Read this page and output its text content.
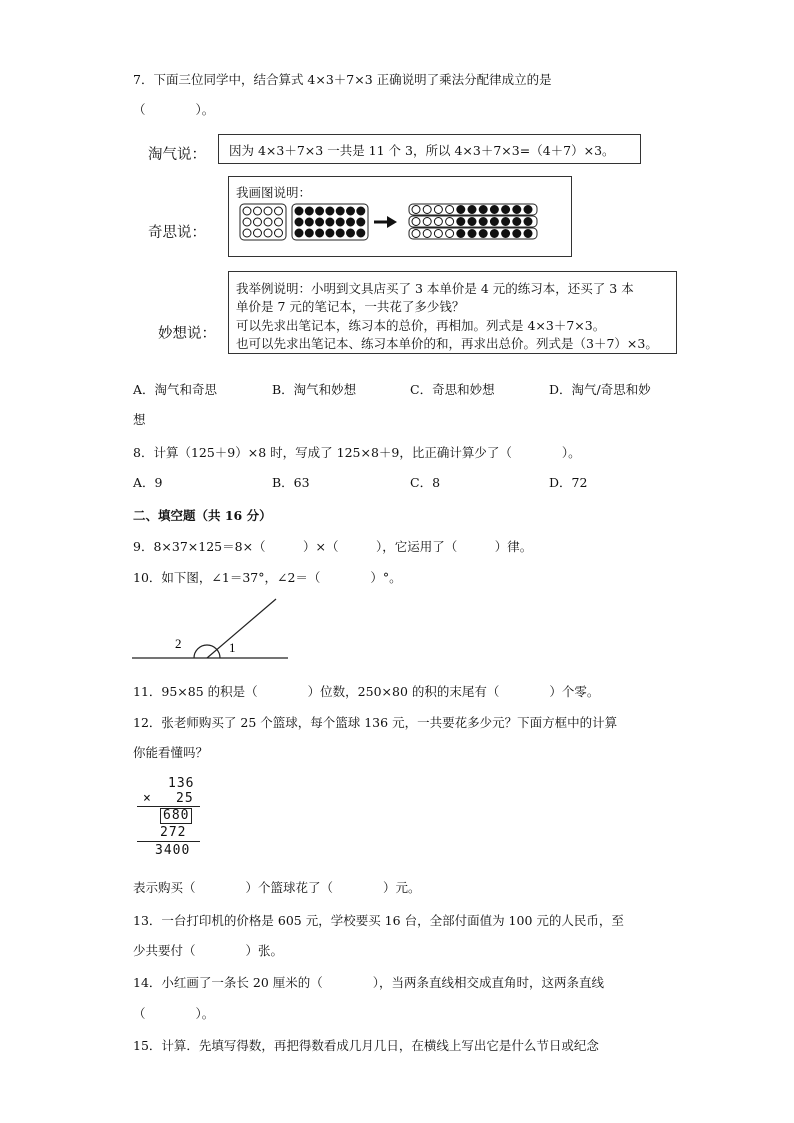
7．下面三位同学中，结合算式 4×3＋7×3 正确说明了乘法分配律成立的是
（　　　　）。
淘气说： 因为 4×3＋7×3 一共是 11 个 3，所以 4×3＋7×3=（4＋7）×3。
奇思说：
我画图说明：
妙想说：
我举例说明：小明到文具店买了 3 本单价是 4 元的练习本，还买了 3 本
单价是 7 元的笔记本，一共花了多少钱？
可以先求出笔记本，练习本的总价，再相加。列式是 4×3＋7×3。
也可以先求出笔记本、练习本单价的和，再求出总价。列式是（3＋7）×3。
A．淘气和奇思	B．淘气和妙想	C．奇思和妙想	D．淘气/奇思和妙
想
8．计算（125＋9）×8 时，写成了 125×8＋9，比正确计算少了（　　　　）。
A．9	B．63	C．8	D．72
二、填空题（共 16 分）
9．8×37×125＝8×（　　　）×（　　　），它运用了（　　　）律。
10．如下图，∠1＝37°，∠2＝（　　　　）°。
2	1
11．95×85 的积是（　　　　）位数，250×80 的积的末尾有（　　　　）个零。
12．张老师购买了 25 个篮球，每个篮球 136 元，一共要花多少元？下面方框中的计算
你能看懂吗？
136
× 25
680
272
3400
表示购买（　　　　）个篮球花了（　　　　）元。
13．一台打印机的价格是 605 元，学校要买 16 台，全部付面值为 100 元的人民币，至
少共要付（　　　　）张。
14．小红画了一条长 20 厘米的（　　　　），当两条直线相交成直角时，这两条直线
（　　　　）。
15．计算．先填写得数，再把得数看成几月几日，在横线上写出它是什么节日或纪念
